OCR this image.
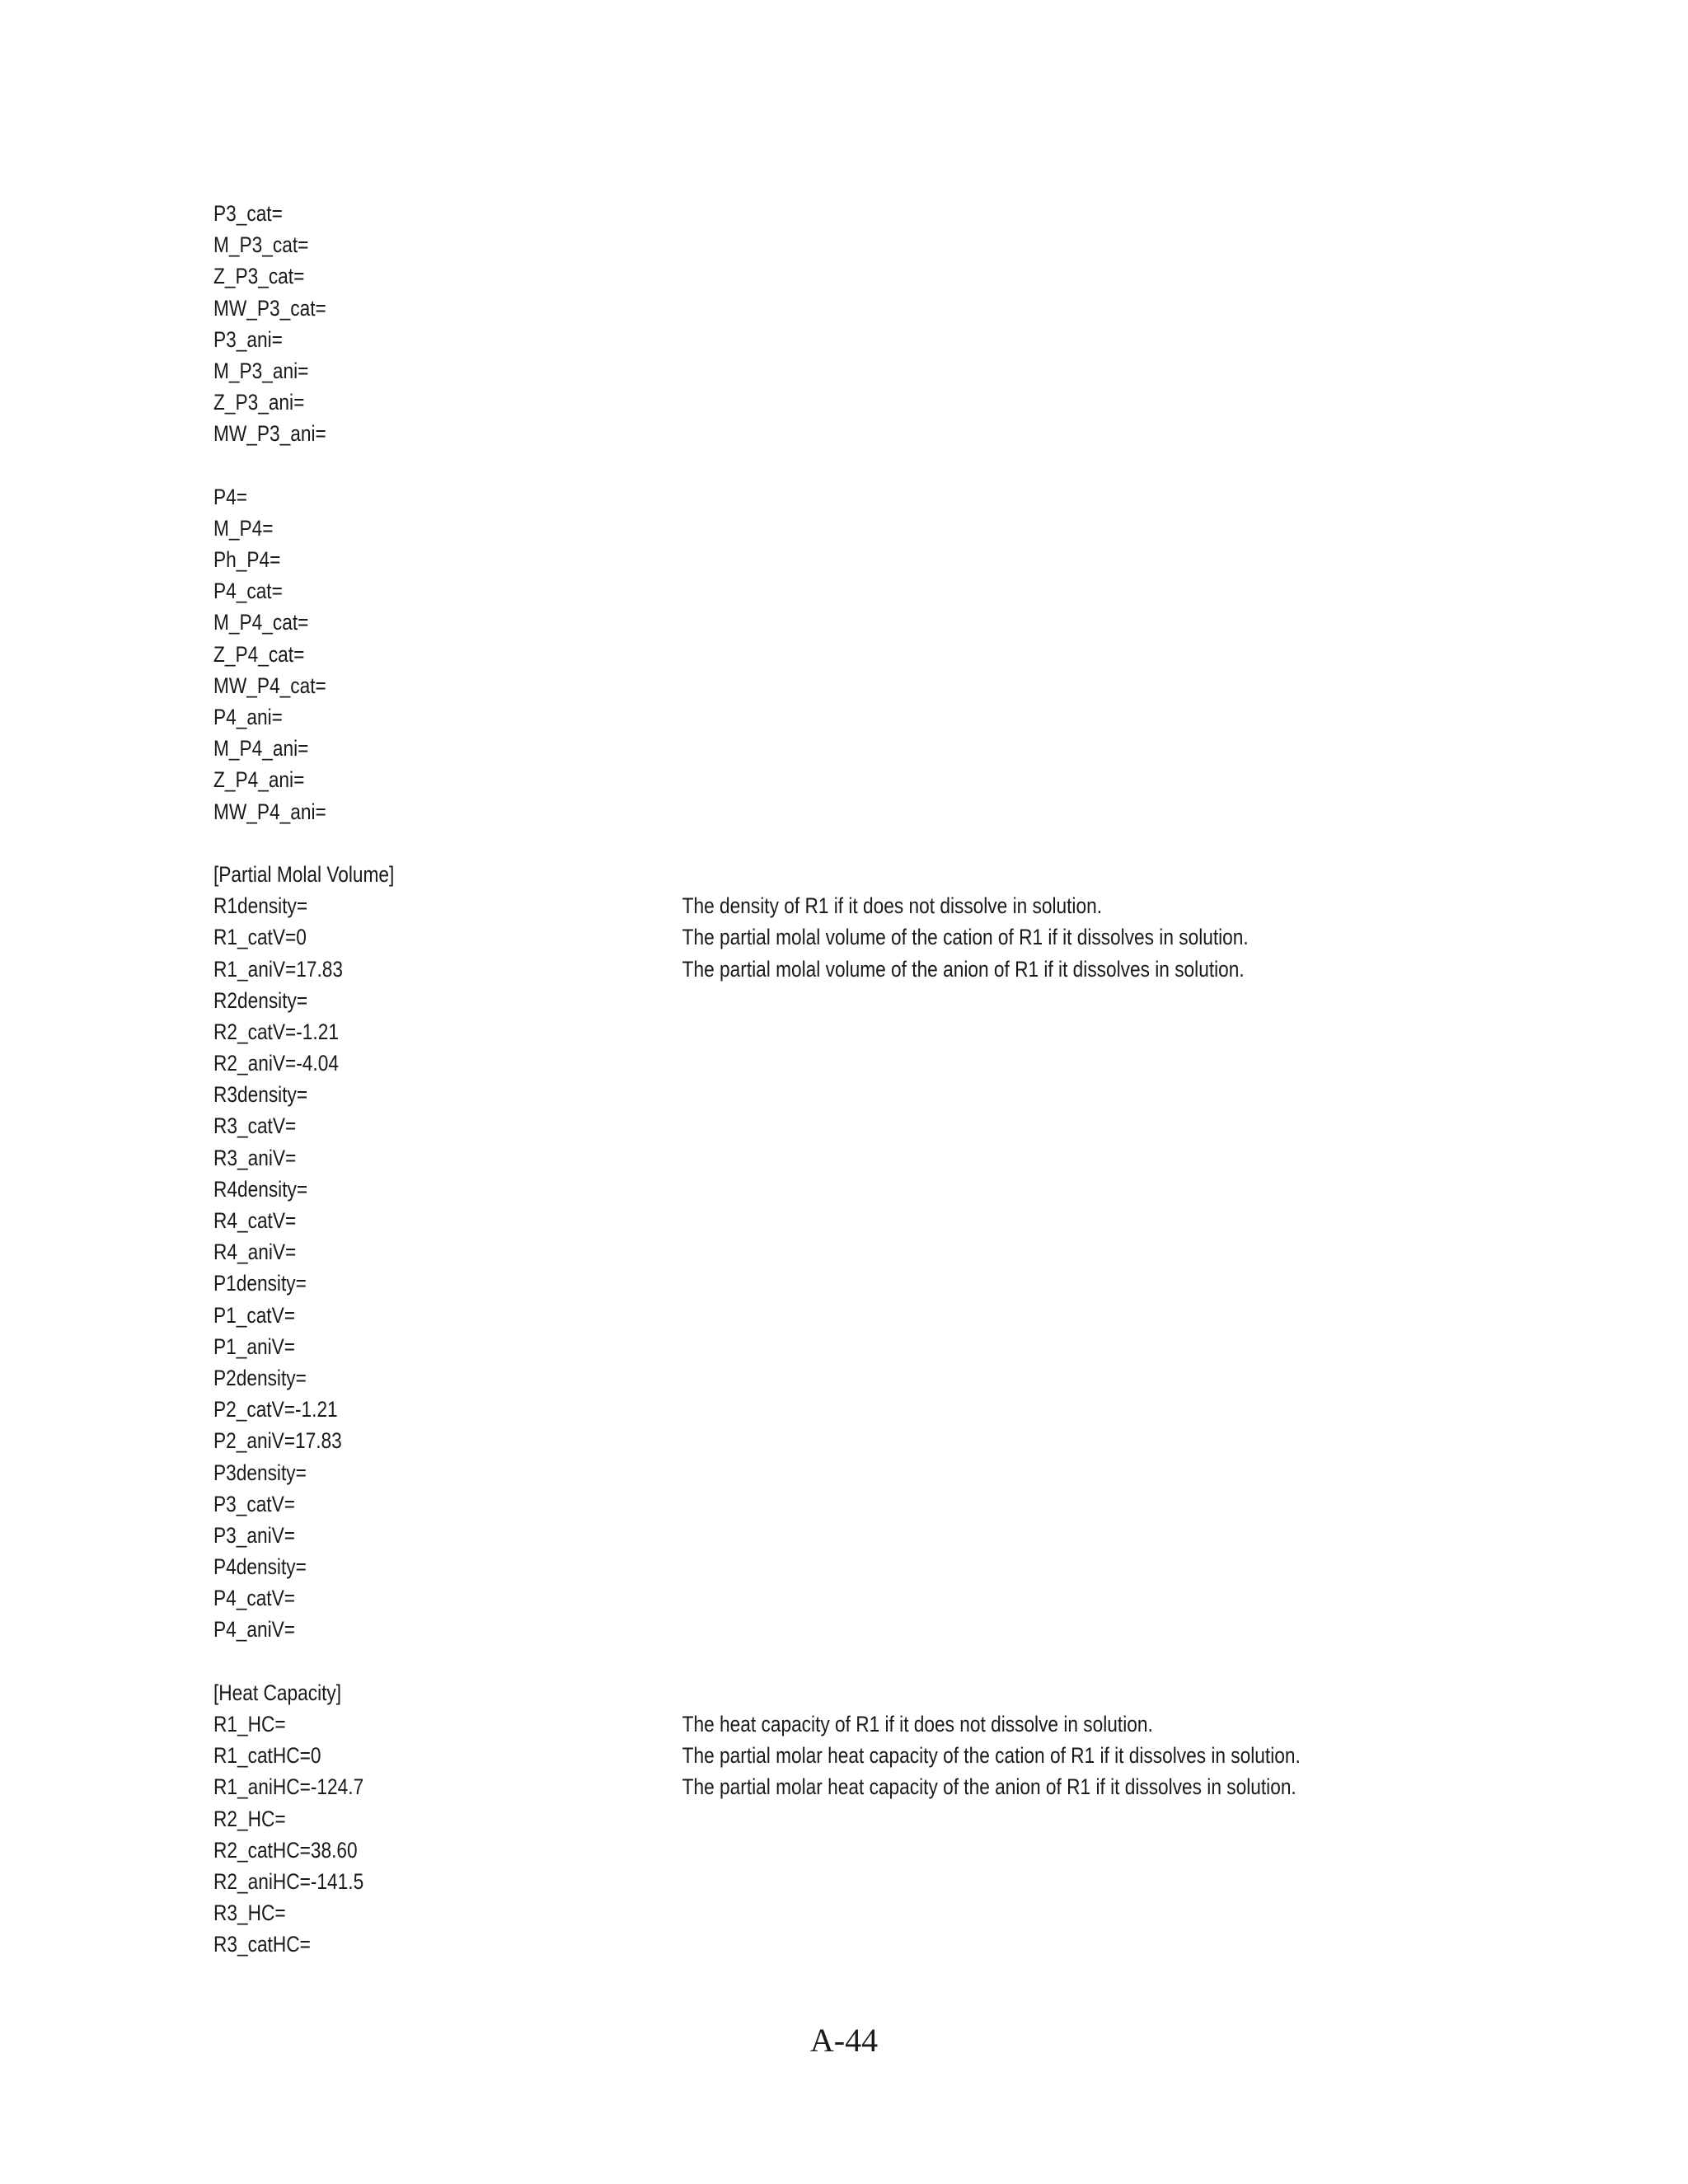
P3_cat=
M_P3_cat=
Z_P3_cat=
MW_P3_cat=
P3_ani=
M_P3_ani=
Z_P3_ani=
MW_P3_ani=
P4=
M_P4=
Ph_P4=
P4_cat=
M_P4_cat=
Z_P4_cat=
MW_P4_cat=
P4_ani=
M_P4_ani=
Z_P4_ani=
MW_P4_ani=
[Partial Molal Volume]
R1density=	The density of R1 if it does not dissolve in solution.
R1_catV=0	The partial molal volume of the cation of R1 if it dissolves in solution.
R1_aniV=17.83	The partial molal volume of the anion of R1 if it dissolves in solution.
R2density=
R2_catV=-1.21
R2_aniV=-4.04
R3density=
R3_catV=
R3_aniV=
R4density=
R4_catV=
R4_aniV=
P1density=
P1_catV=
P1_aniV=
P2density=
P2_catV=-1.21
P2_aniV=17.83
P3density=
P3_catV=
P3_aniV=
P4density=
P4_catV=
P4_aniV=
[Heat Capacity]
R1_HC=	The heat capacity of R1 if it does not dissolve in solution.
R1_catHC=0	The partial molar heat capacity of the cation of R1 if it dissolves in solution.
R1_aniHC=-124.7	The partial molar heat capacity of the anion of R1 if it dissolves in solution.
R2_HC=
R2_catHC=38.60
R2_aniHC=-141.5
R3_HC=
R3_catHC=
A-44
